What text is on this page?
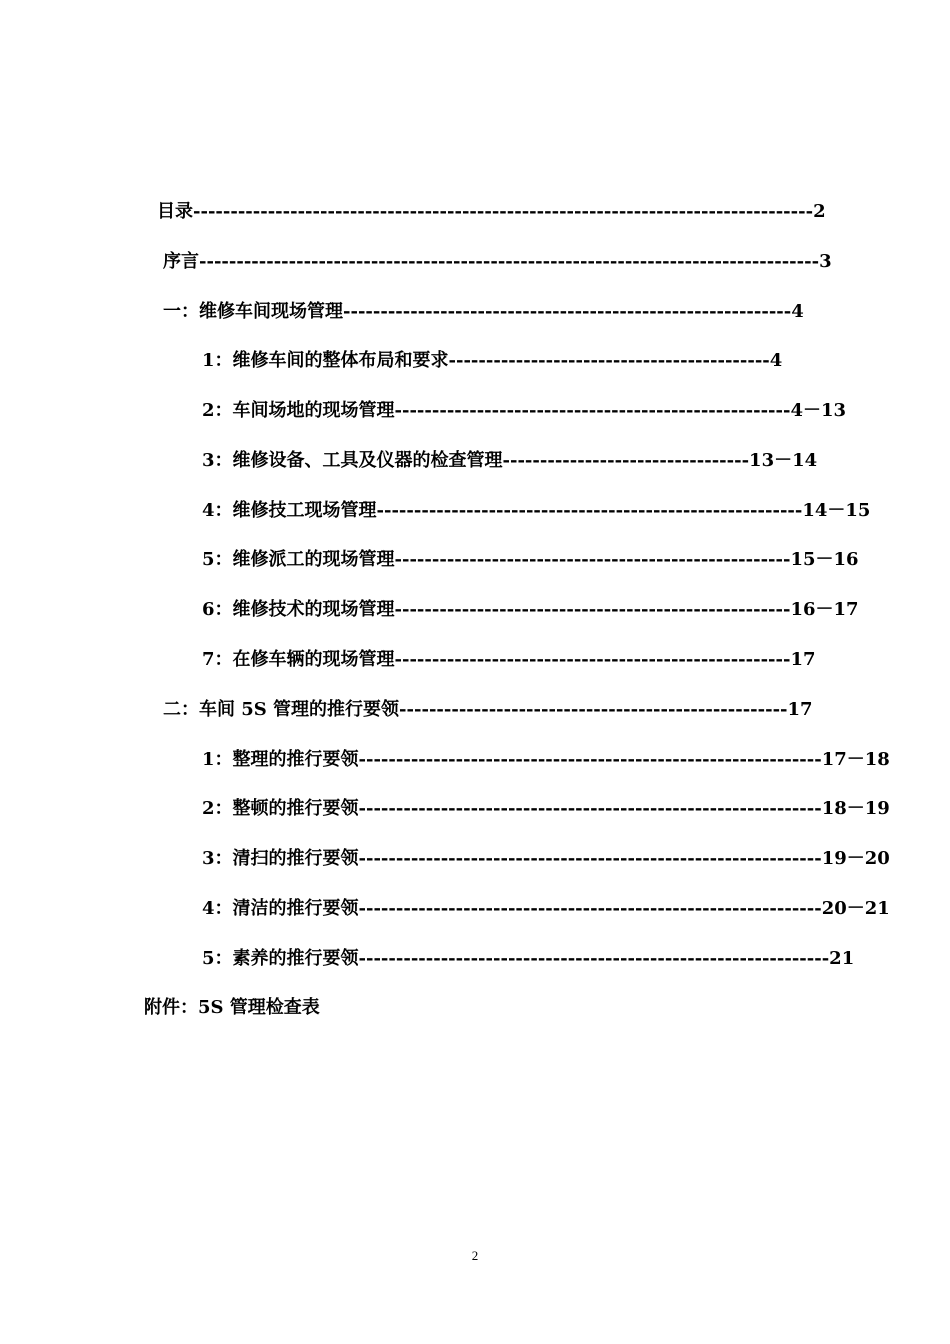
目录-----------------------------------------------------------------------------------2
序言-----------------------------------------------------------------------------------3
一：维修车间现场管理------------------------------------------------------------4
1：维修车间的整体布局和要求-------------------------------------------4
2：车间场地的现场管理-----------------------------------------------------4－13
3：维修设备、工具及仪器的检查管理---------------------------------13－14
4：维修技工现场管理---------------------------------------------------------14－15
5：维修派工的现场管理-----------------------------------------------------15－16
6：维修技术的现场管理-----------------------------------------------------16－17
7：在修车辆的现场管理-----------------------------------------------------17
二：车间 5S 管理的推行要领----------------------------------------------------17
1：整理的推行要领--------------------------------------------------------------17－18
2：整顿的推行要领--------------------------------------------------------------18－19
3：清扫的推行要领--------------------------------------------------------------19－20
4：清洁的推行要领--------------------------------------------------------------20－21
5：素养的推行要领---------------------------------------------------------------21
附件：5S 管理检查表
2
